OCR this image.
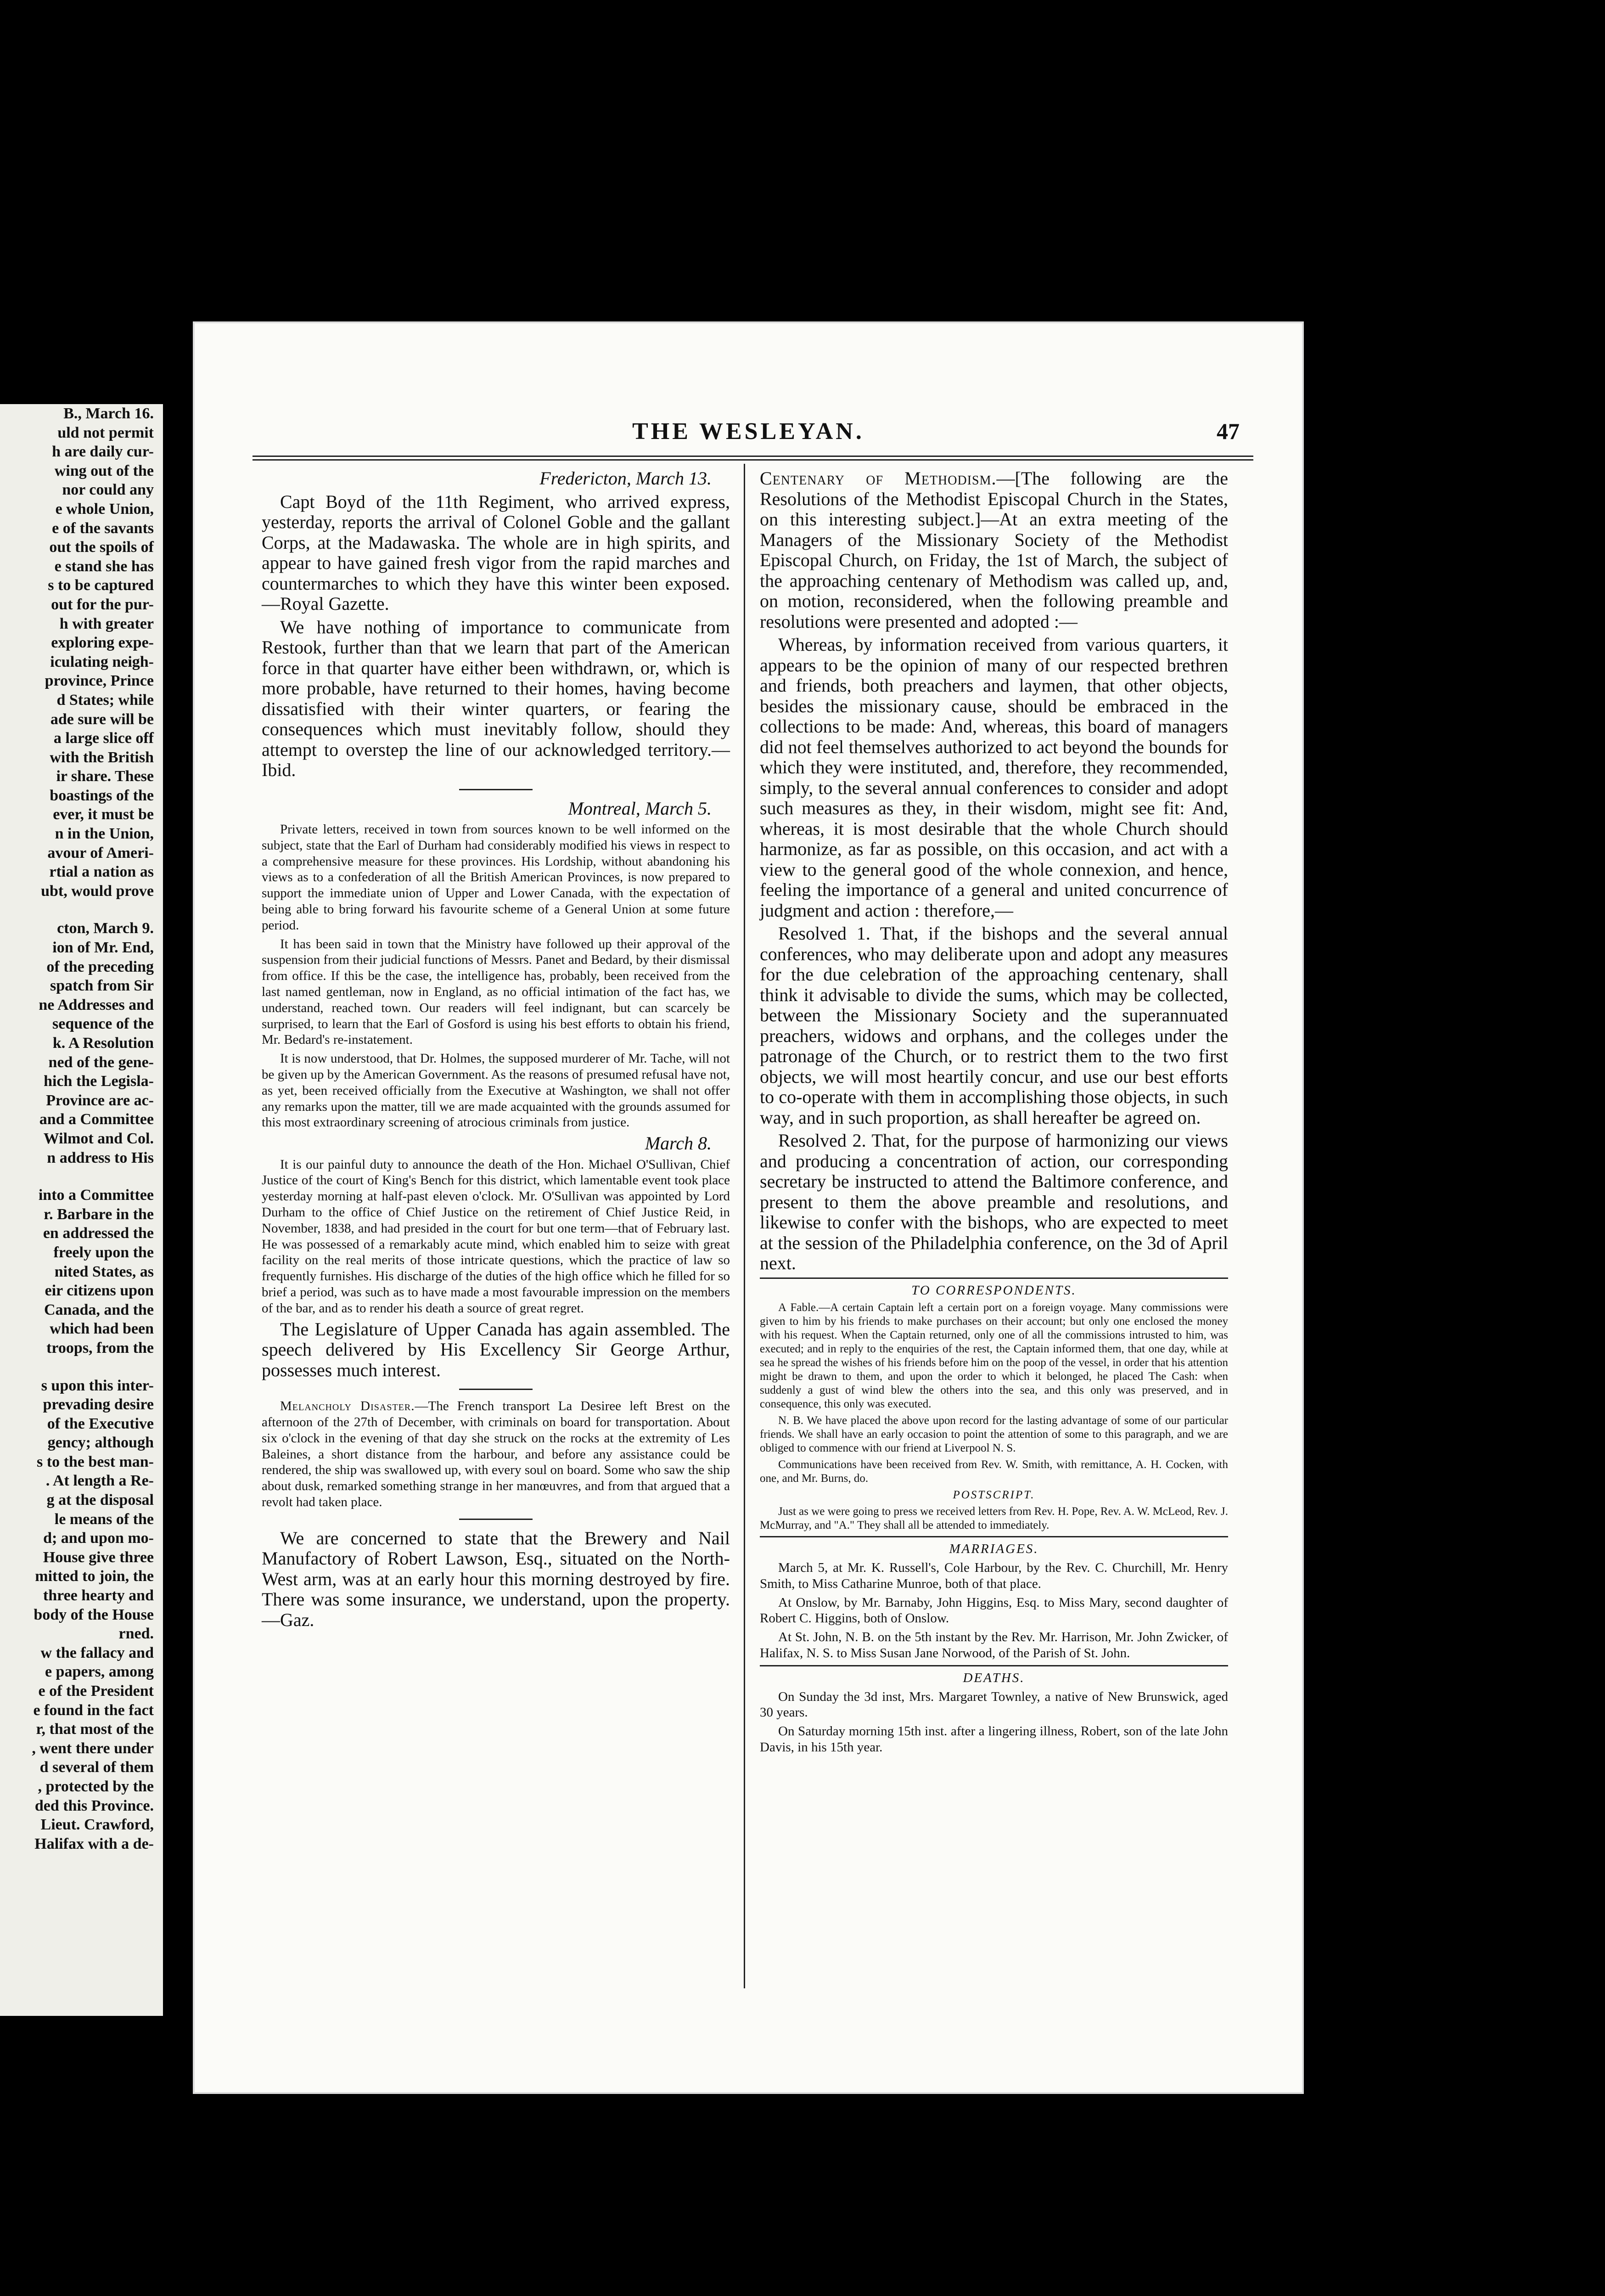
B., March 16.

uld not permit

h are daily cur-

wing out of the

nor could any

e whole Union,

e of the savants

out the spoils of

e stand she has

s to be captured

out for the pur-

h with greater

exploring expe-

iculating neigh-

province, Prince

d States; while

ade sure will be

a large slice off

with the British

ir share. These

boastings of the

ever, it must be

n in the Union,

avour of Ameri-

rtial a nation as

ubt, would prove

cton, March 9.

ion of Mr. End,

of the preceding

spatch from Sir

ne Addresses and

sequence of the

k. A Resolution

ned of the gene-

hich the Legisla-

Province are ac-

and a Committee

Wilmot and Col.

n address to His

into a Committee

r. Barbare in the

en addressed the

freely upon the

nited States, as

eir citizens upon

Canada, and the

which had been

troops, from the

s upon this inter-

prevading desire

of the Executive

gency; although

s to the best man-

. At length a Re-

g at the disposal

le means of the

d; and upon mo-

House give three

mitted to join, the

three hearty and

body of the House

rned.

w the fallacy and

e papers, among

e of the President

e found in the fact

r, that most of the

, went there under

d several of them

, protected by the

ded this Province.

Lieut. Crawford,

Halifax with a de-

THE WESLEYAN.	47

Fredericton, March 13.

Capt Boyd of the 11th Regiment, who arrived express, yesterday, reports the arrival of Colonel Goble and the gallant Corps, at the Madawaska. The whole are in high spirits, and appear to have gained fresh vigor from the rapid marches and countermarches to which they have this winter been exposed.—Royal Gazette.

We have nothing of importance to communicate from Restook, further than that we learn that part of the American force in that quarter have either been withdrawn, or, which is more probable, have returned to their homes, having become dissatisfied with their winter quarters, or fearing the consequences which must inevitably follow, should they attempt to overstep the line of our acknowledged territory.—Ibid.

Montreal, March 5.

Private letters, received in town from sources known to be well informed on the subject, state that the Earl of Durham had considerably modified his views in respect to a comprehensive measure for these provinces. His Lordship, without abandoning his views as to a confederation of all the British American Provinces, is now prepared to support the immediate union of Upper and Lower Canada, with the expectation of being able to bring forward his favourite scheme of a General Union at some future period.

It has been said in town that the Ministry have followed up their approval of the suspension from their judicial functions of Messrs. Panet and Bedard, by their dismissal from office. If this be the case, the intelligence has, probably, been received from the last named gentleman, now in England, as no official intimation of the fact has, we understand, reached town. Our readers will feel indignant, but can scarcely be surprised, to learn that the Earl of Gosford is using his best efforts to obtain his friend, Mr. Bedard's re-instatement.

It is now understood, that Dr. Holmes, the supposed murderer of Mr. Tache, will not be given up by the American Government. As the reasons of presumed refusal have not, as yet, been received officially from the Executive at Washington, we shall not offer any remarks upon the matter, till we are made acquainted with the grounds assumed for this most extraordinary screening of atrocious criminals from justice.

March 8.

It is our painful duty to announce the death of the Hon. Michael O'Sullivan, Chief Justice of the court of King's Bench for this district, which lamentable event took place yesterday morning at half-past eleven o'clock. Mr. O'Sullivan was appointed by Lord Durham to the office of Chief Justice on the retirement of Chief Justice Reid, in November, 1838, and had presided in the court for but one term—that of February last. He was possessed of a remarkably acute mind, which enabled him to seize with great facility on the real merits of those intricate questions, which the practice of law so frequently furnishes. His discharge of the duties of the high office which he filled for so brief a period, was such as to have made a most favourable impression on the members of the bar, and as to render his death a source of great regret.

The Legislature of Upper Canada has again assembled. The speech delivered by His Excellency Sir George Arthur, possesses much interest.

Melancholy Disaster.—The French transport La Desiree left Brest on the afternoon of the 27th of December, with criminals on board for transportation. About six o'clock in the evening of that day she struck on the rocks at the extremity of Les Baleines, a short distance from the harbour, and before any assistance could be rendered, the ship was swallowed up, with every soul on board. Some who saw the ship about dusk, remarked something strange in her manœuvres, and from that argued that a revolt had taken place.

We are concerned to state that the Brewery and Nail Manufactory of Robert Lawson, Esq., situated on the North-West arm, was at an early hour this morning destroyed by fire. There was some insurance, we understand, upon the property.—Gaz.

Centenary of Methodism.—[The following are the Resolutions of the Methodist Episcopal Church in the States, on this interesting subject.]—At an extra meeting of the Managers of the Missionary Society of the Methodist Episcopal Church, on Friday, the 1st of March, the subject of the approaching centenary of Methodism was called up, and, on motion, reconsidered, when the following preamble and resolutions were presented and adopted :—

Whereas, by information received from various quarters, it appears to be the opinion of many of our respected brethren and friends, both preachers and laymen, that other objects, besides the missionary cause, should be embraced in the collections to be made: And, whereas, this board of managers did not feel themselves authorized to act beyond the bounds for which they were instituted, and, therefore, they recommended, simply, to the several annual conferences to consider and adopt such measures as they, in their wisdom, might see fit: And, whereas, it is most desirable that the whole Church should harmonize, as far as possible, on this occasion, and act with a view to the general good of the whole connexion, and hence, feeling the importance of a general and united concurrence of judgment and action : therefore,—

Resolved 1. That, if the bishops and the several annual conferences, who may deliberate upon and adopt any measures for the due celebration of the approaching centenary, shall think it advisable to divide the sums, which may be collected, between the Missionary Society and the superannuated preachers, widows and orphans, and the colleges under the patronage of the Church, or to restrict them to the two first objects, we will most heartily concur, and use our best efforts to co-operate with them in accomplishing those objects, in such way, and in such proportion, as shall hereafter be agreed on.

Resolved 2. That, for the purpose of harmonizing our views and producing a concentration of action, our corresponding secretary be instructed to attend the Baltimore conference, and present to them the above preamble and resolutions, and likewise to confer with the bishops, who are expected to meet at the session of the Philadelphia conference, on the 3d of April next.

TO CORRESPONDENTS.

A Fable.—A certain Captain left a certain port on a foreign voyage. Many commissions were given to him by his friends to make purchases on their account; but only one enclosed the money with his request. When the Captain returned, only one of all the commissions intrusted to him, was executed; and in reply to the enquiries of the rest, the Captain informed them, that one day, while at sea he spread the wishes of his friends before him on the poop of the vessel, in order that his attention might be drawn to them, and upon the order to which it belonged, he placed The Cash: when suddenly a gust of wind blew the others into the sea, and this only was preserved, and in consequence, this only was executed.

N. B. We have placed the above upon record for the lasting advantage of some of our particular friends. We shall have an early occasion to point the attention of some to this paragraph, and we are obliged to commence with our friend at Liverpool N. S.

Communications have been received from Rev. W. Smith, with remittance, A. H. Cocken, with one, and Mr. Burns, do.

POSTSCRIPT.

Just as we were going to press we received letters from Rev. H. Pope, Rev. A. W. McLeod, Rev. J. McMurray, and "A." They shall all be attended to immediately.

MARRIAGES.

March 5, at Mr. K. Russell's, Cole Harbour, by the Rev. C. Churchill, Mr. Henry Smith, to Miss Catharine Munroe, both of that place.

At Onslow, by Mr. Barnaby, John Higgins, Esq. to Miss Mary, second daughter of Robert C. Higgins, both of Onslow.

At St. John, N. B. on the 5th instant by the Rev. Mr. Harrison, Mr. John Zwicker, of Halifax, N. S. to Miss Susan Jane Norwood, of the Parish of St. John.

DEATHS.

On Sunday the 3d inst, Mrs. Margaret Townley, a native of New Brunswick, aged 30 years.

On Saturday morning 15th inst. after a lingering illness, Robert, son of the late John Davis, in his 15th year.
